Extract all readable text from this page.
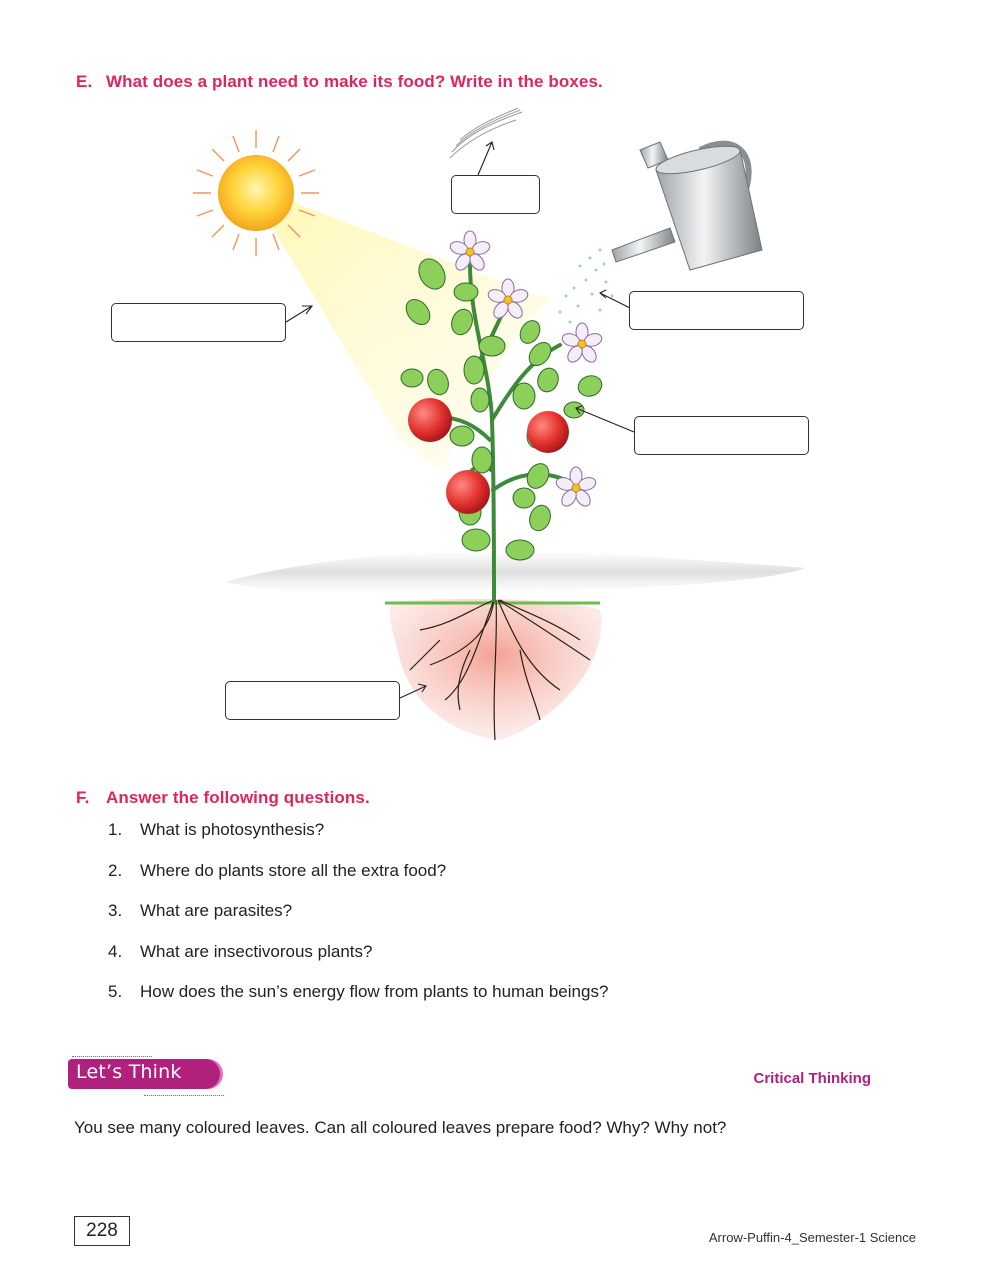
E. What does a plant need to make its food? Write in the boxes.
F. Answer the following questions.
1.	What is photosynthesis?
2.	Where do plants store all the extra food?
3.	What are parasites?
4.	What are insectivorous plants?
5.	How does the sun’s energy flow from plants to human beings?
Let’s Think	Critical Thinking
You see many coloured leaves. Can all coloured leaves prepare food? Why? Why not?
228	Arrow-Puffin-4_Semester-1 Science
